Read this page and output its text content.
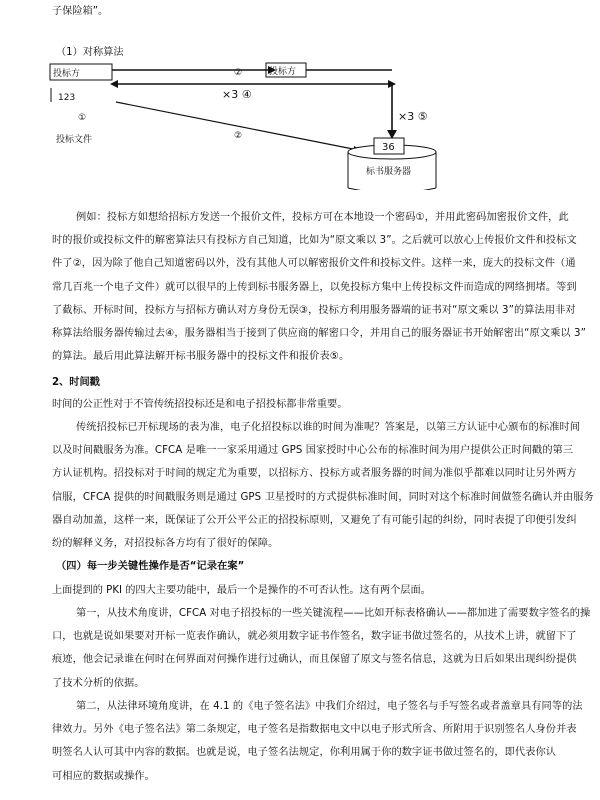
子保险箱”。
（1）对称算法
投标方
123
①
投标文件
②	投标方
×3 ④
×3 ⑤
②
36
标书服务器
例如：投标方如想给招标方发送一个报价文件，投标方可在本地设一个密码①，并用此密码加密报价文件，此
时的报价或投标文件的解密算法只有投标方自己知道，比如为“原文乘以 3”。之后就可以放心上传报价文件和投标文
件了②，因为除了他自己知道密码以外，没有其他人可以解密报价文件和投标文件。这样一来，庞大的投标文件（通
常几百兆一个电子文件）就可以很早的上传到标书服务器上，以免投标方集中上传投标文件而造成的网络拥堵。等到
了截标、开标时间，投标方与招标方确认对方身份无误③，投标方利用服务器端的证书对“原文乘以 3”的算法用非对
称算法给服务器传输过去④，服务器相当于接到了供应商的解密口令，并用自己的服务器证书开始解密出“原文乘以 3”
的算法。最后用此算法解开标书服务器中的投标文件和报价表⑤。
2、时间戳
时间的公正性对于不管传统招投标还是和电子招投标都非常重要。
传统招投标已开标现场的表为准，电子化招投标以谁的时间为准呢？答案是，以第三方认证中心颁布的标准时间
以及时间戳服务为准。CFCA 是唯一一家采用通过 GPS 国家授时中心公布的标准时间为用户提供公正时间戳的第三
方认证机构。招投标对于时间的规定尤为重要，以招标方、投标方或者服务器的时间为准似乎都难以同时让另外两方
信服，CFCA 提供的时间戳服务则是通过 GPS 卫星授时的方式提供标准时间，同时对这个标准时间做签名确认并由服务
器自动加盖，这样一来，既保证了公开公平公正的招投标原则，又避免了有可能引起的纠纷，同时表提了印便引发纠
纷的解释义务，对招投标各方均有了很好的保障。
（四）每一步关键性操作是否“记录在案”
上面提到的 PKI 的四大主要功能中，最后一个是操作的不可否认性。这有两个层面。
第一，从技术角度讲，CFCA 对电子招投标的一些关键流程——比如开标表格确认——都加进了需要数字签名的操
口，也就是说如果要对开标一览表作确认，就必须用数字证书作签名，数字证书做过签名的，从技术上讲，就留下了
痕迹，他会记录谁在何时在何界面对何操作进行过确认，而且保留了原文与签名信息，这就为日后如果出现纠纷提供
了技术分析的依据。
第二，从法律环境角度讲，在 4.1 的《电子签名法》中我们介绍过，电子签名与手写签名或者盖章具有同等的法
律效力。另外《电子签名法》第二条规定，电子签名是指数据电文中以电子形式所含、所附用于识别签名人身份并表
明签名人认可其中内容的数据。也就是说，电子签名法规定，你利用属于你的数字证书做过签名的，即代表你认
可相应的数据或操作。
